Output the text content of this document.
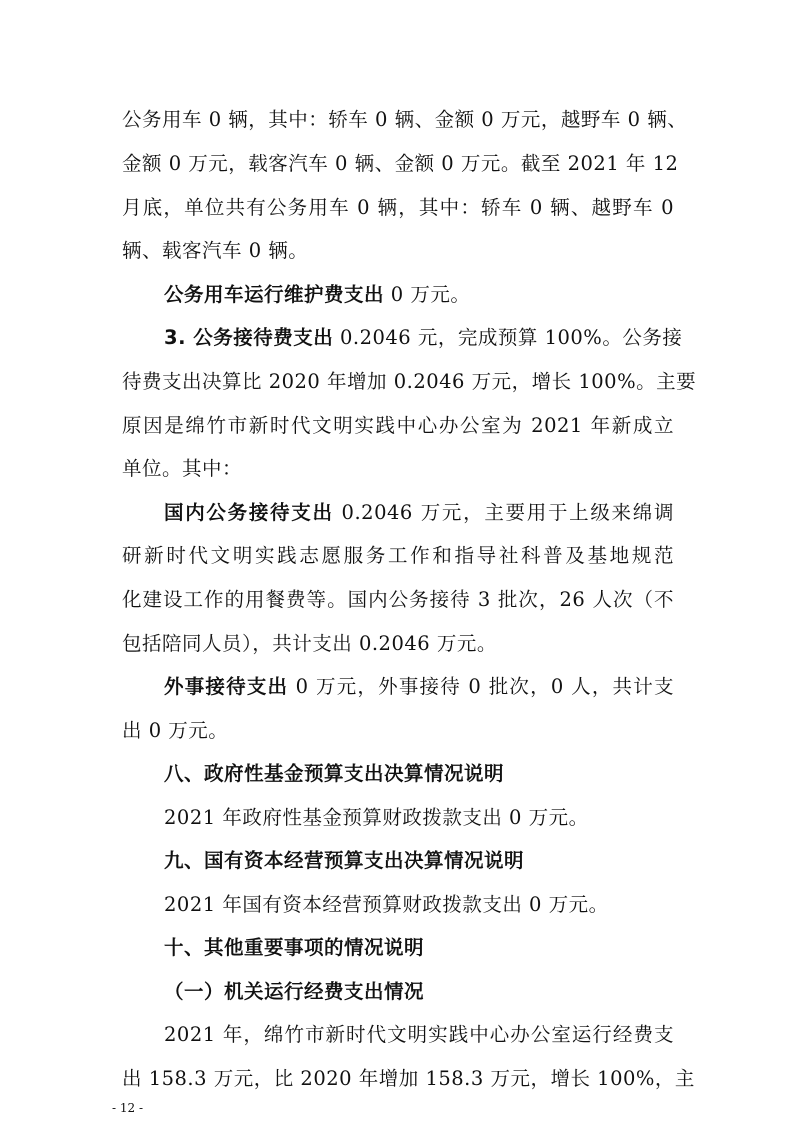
公务用车 0 辆，其中：轿车 0 辆、金额 0 万元，越野车 0 辆、
金额 0 万元，载客汽车 0 辆、金额 0 万元。截至 2021 年 12
月底，单位共有公务用车 0 辆，其中：轿车 0 辆、越野车 0
辆、载客汽车 0 辆。
公务用车运行维护费支出 0 万元。
3. 公务接待费支出 0.2046 元，完成预算 100%。公务接
待费支出决算比 2020 年增加 0.2046 万元，增长 100%。主要
原因是绵竹市新时代文明实践中心办公室为 2021 年新成立
单位。其中：
国内公务接待支出 0.2046 万元，主要用于上级来绵调
研新时代文明实践志愿服务工作和指导社科普及基地规范
化建设工作的用餐费等。国内公务接待 3 批次，26 人次（不
包括陪同人员），共计支出 0.2046 万元。
外事接待支出 0 万元，外事接待 0 批次，0 人，共计支
出 0 万元。
八、政府性基金预算支出决算情况说明
2021 年政府性基金预算财政拨款支出 0 万元。
九、国有资本经营预算支出决算情况说明
2021 年国有资本经营预算财政拨款支出 0 万元。
十、其他重要事项的情况说明
（一）机关运行经费支出情况
2021 年，绵竹市新时代文明实践中心办公室运行经费支
出 158.3 万元，比 2020 年增加 158.3 万元，增长 100%，主
- 12 -
